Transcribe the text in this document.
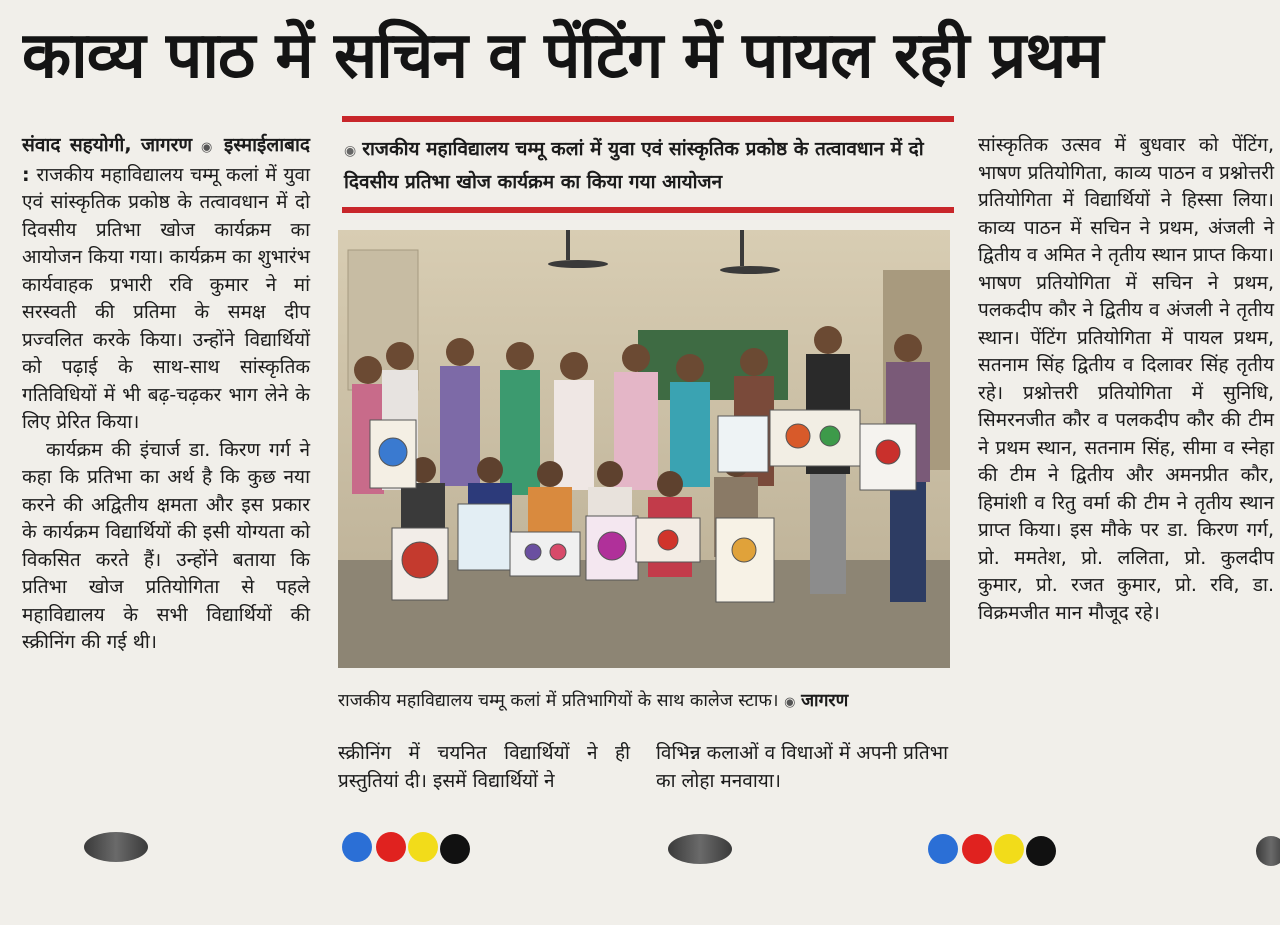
काव्य पाठ में सचिन व पेंटिंग में पायल रही प्रथम

संवाद सहयोगी, जागरण ◉ इस्माईलाबाद : राजकीय महाविद्यालय चम्मू कलां में युवा एवं सांस्कृतिक प्रकोष्ठ के तत्वावधान में दो दिवसीय प्रतिभा खोज कार्यक्रम का आयोजन किया गया। कार्यक्रम का शुभारंभ कार्यवाहक प्रभारी रवि कुमार ने मां सरस्वती की प्रतिमा के समक्ष दीप प्रज्वलित करके किया। उन्होंने विद्यार्थियों को पढ़ाई के साथ-साथ सांस्कृतिक गतिविधियों में भी बढ़-चढ़कर भाग लेने के लिए प्रेरित किया।

कार्यक्रम की इंचार्ज डा. किरण गर्ग ने कहा कि प्रतिभा का अर्थ है कि कुछ नया करने की अद्वितीय क्षमता और इस प्रकार के कार्यक्रम विद्यार्थियों की इसी योग्यता को विकसित करते हैं। उन्होंने बताया कि प्रतिभा खोज प्रतियोगिता से पहले महाविद्यालय के सभी विद्यार्थियों की स्क्रीनिंग की गई थी।

◉ राजकीय महाविद्यालय चम्मू कलां में युवा एवं सांस्कृतिक प्रकोष्ठ के तत्वावधान में दो दिवसीय प्रतिभा खोज कार्यक्रम का किया गया आयोजन
राजकीय महाविद्यालय चम्मू कलां में प्रतिभागियों के साथ कालेज स्टाफ। ◉ जागरण
स्क्रीनिंग में चयनित विद्यार्थियों ने ही प्रस्तुतियां दी। इसमें विद्यार्थियों ने
विभिन्न कलाओं व विधाओं में अपनी प्रतिभा का लोहा मनवाया।

सांस्कृतिक उत्सव में बुधवार को पेंटिंग, भाषण प्रतियोगिता, काव्य पाठन व प्रश्नोत्तरी प्रतियोगिता में विद्यार्थियों ने हिस्सा लिया। काव्य पाठन में सचिन ने प्रथम, अंजली ने द्वितीय व अमित ने तृतीय स्थान प्राप्त किया। भाषण प्रतियोगिता में सचिन ने प्रथम, पलकदीप कौर ने द्वितीय व अंजली ने तृतीय स्थान। पेंटिंग प्रतियोगिता में पायल प्रथम, सतनाम सिंह द्वितीय व दिलावर सिंह तृतीय रहे। प्रश्नोत्तरी प्रतियोगिता में सुनिधि, सिमरनजीत कौर व पलकदीप कौर की टीम ने प्रथम स्थान, सतनाम सिंह, सीमा व स्नेहा की टीम ने द्वितीय और अमनप्रीत कौर, हिमांशी व रितु वर्मा की टीम ने तृतीय स्थान प्राप्त किया। इस मौके पर डा. किरण गर्ग, प्रो. ममतेश, प्रो. ललिता, प्रो. कुलदीप कुमार, प्रो. रजत कुमार, प्रो. रवि, डा. विक्रमजीत मान मौजूद रहे।
